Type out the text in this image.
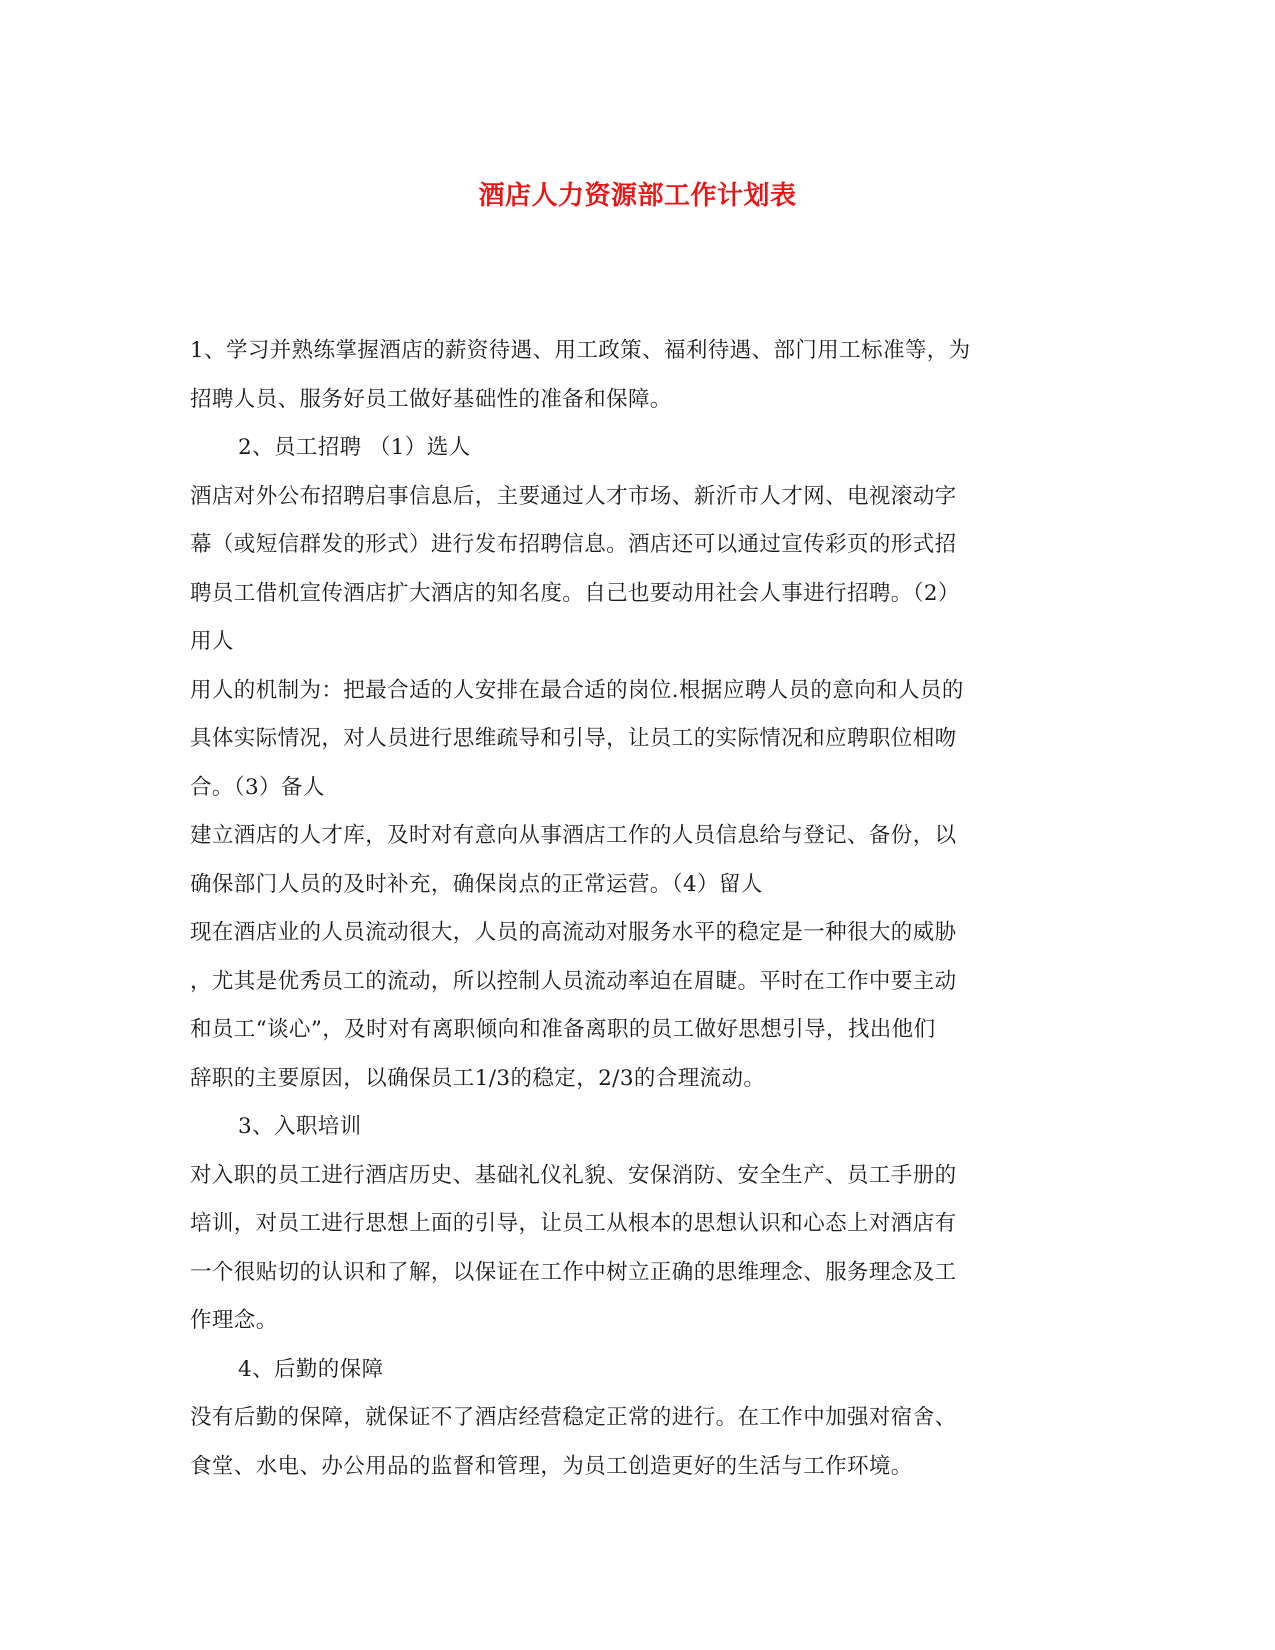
酒店人力资源部工作计划表
1、学习并熟练掌握酒店的薪资待遇、用工政策、福利待遇、部门用工标准等，为
招聘人员、服务好员工做好基础性的准备和保障。
2、员工招聘 （1）选人
酒店对外公布招聘启事信息后，主要通过人才市场、新沂市人才网、电视滚动字
幕（或短信群发的形式）进行发布招聘信息。酒店还可以通过宣传彩页的形式招
聘员工借机宣传酒店扩大酒店的知名度。自己也要动用社会人事进行招聘。（2）
用人
用人的机制为：把最合适的人安排在最合适的岗位.根据应聘人员的意向和人员的
具体实际情况，对人员进行思维疏导和引导，让员工的实际情况和应聘职位相吻
合。（3）备人
建立酒店的人才库，及时对有意向从事酒店工作的人员信息给与登记、备份，以
确保部门人员的及时补充，确保岗点的正常运营。（4）留人
现在酒店业的人员流动很大，人员的高流动对服务水平的稳定是一种很大的威胁
，尤其是优秀员工的流动，所以控制人员流动率迫在眉睫。平时在工作中要主动
和员工“谈心”，及时对有离职倾向和准备离职的员工做好思想引导，找出他们
辞职的主要原因，以确保员工1/3的稳定，2/3的合理流动。
3、入职培训
对入职的员工进行酒店历史、基础礼仪礼貌、安保消防、安全生产、员工手册的
培训，对员工进行思想上面的引导，让员工从根本的思想认识和心态上对酒店有
一个很贴切的认识和了解，以保证在工作中树立正确的思维理念、服务理念及工
作理念。
4、后勤的保障
没有后勤的保障，就保证不了酒店经营稳定正常的进行。在工作中加强对宿舍、
食堂、水电、办公用品的监督和管理，为员工创造更好的生活与工作环境。
